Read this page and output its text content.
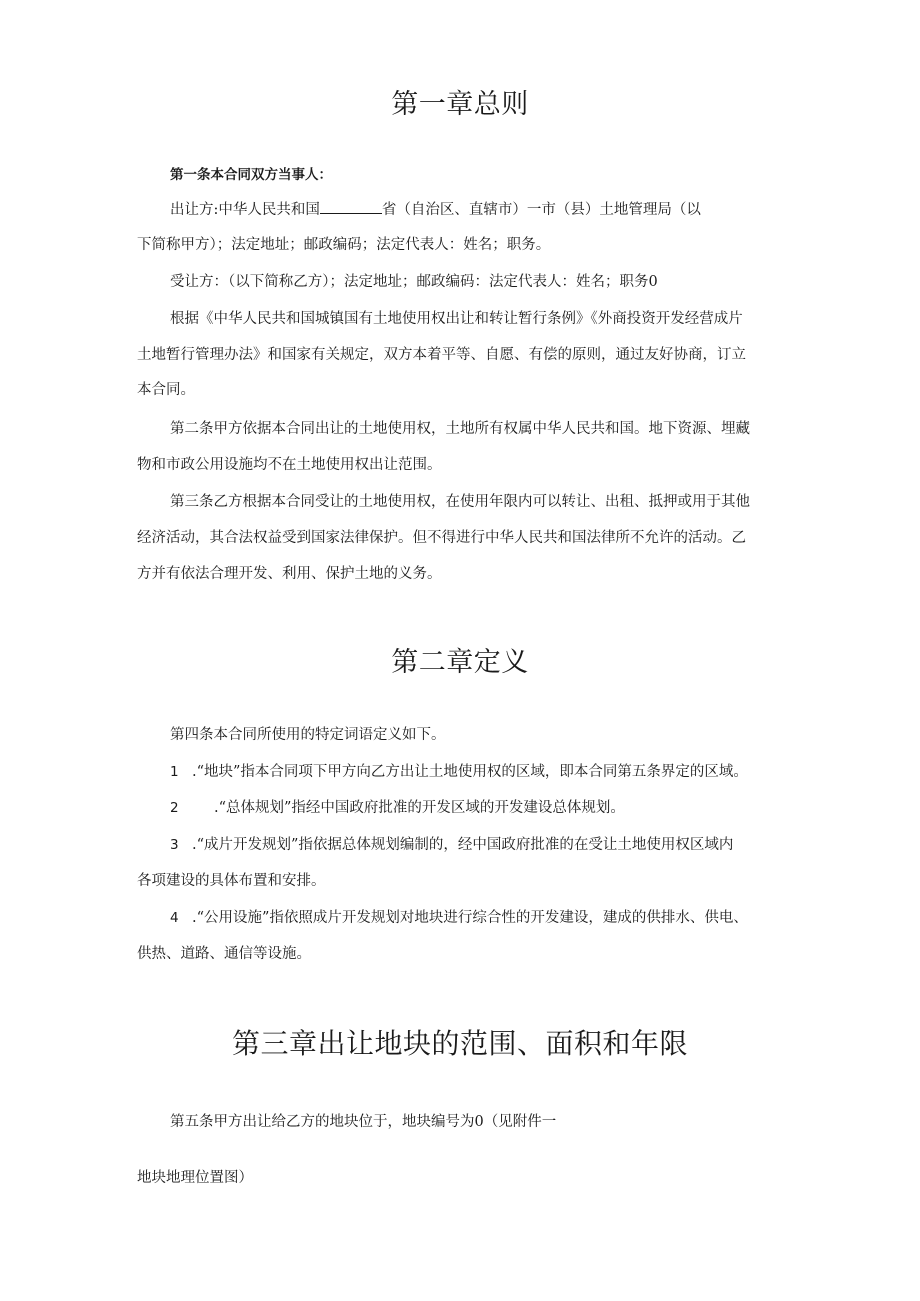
第一章总则

第一条本合同双方当事人：

出让方:中华人民共和国	省（自治区、直辖市）一市（县）土地管理局（以

下简称甲方）；法定地址；邮政编码；法定代表人：姓名；职务。

受让方：（以下简称乙方）；法定地址；邮政编码：法定代表人：姓名；职务0

根据《中华人民共和国城镇国有土地使用权出让和转让暂行条例》《外商投资开发经营成片

土地暂行管理办法》和国家有关规定，双方本着平等、自愿、有偿的原则，通过友好协商，订立

本合同。

第二条甲方依据本合同出让的土地使用权，土地所有权属中华人民共和国。地下资源、埋藏

物和市政公用设施均不在土地使用权出让范围。

第三条乙方根据本合同受让的土地使用权，在使用年限内可以转让、出租、抵押或用于其他

经济活动，其合法权益受到国家法律保护。但不得进行中华人民共和国法律所不允许的活动。乙

方并有依法合理开发、利用、保护土地的义务。

第二章定义

第四条本合同所使用的特定词语定义如下。

1 .“地块”指本合同项下甲方向乙方出让土地使用权的区域，即本合同第五条界定的区域。

2 .“总体规划”指经中国政府批准的开发区域的开发建设总体规划。

3 .“成片开发规划”指依据总体规划编制的，经中国政府批准的在受让土地使用权区域内

各项建设的具体布置和安排。

4 .“公用设施”指依照成片开发规划对地块进行综合性的开发建设，建成的供排水、供电、

供热、道路、通信等设施。

第三章出让地块的范围、面积和年限

第五条甲方出让给乙方的地块位于，地块编号为0（见附件一

地块地理位置图）
